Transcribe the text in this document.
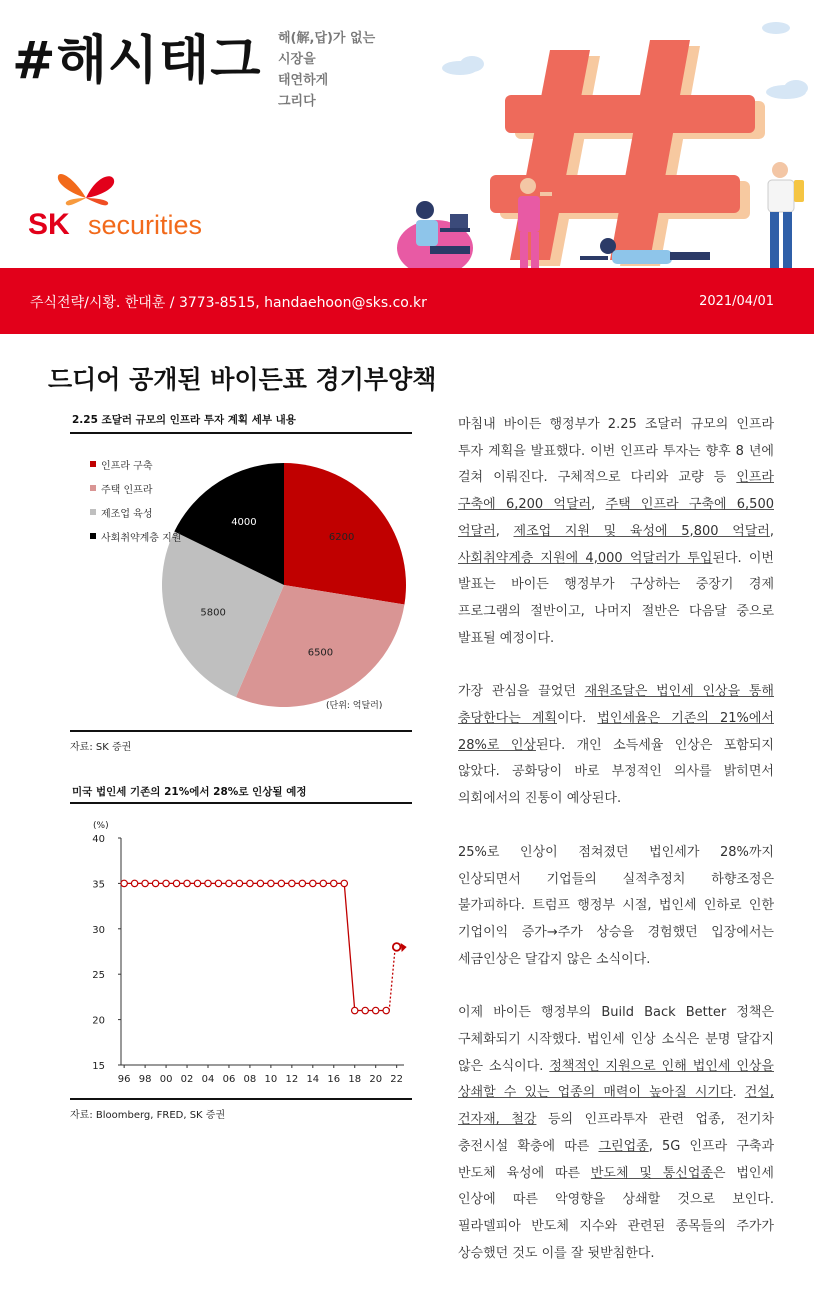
#해시태그 해(解,답)가 없는
시장을
태연하게
그리다
SK securities
주식전략/시황. 한대훈 / 3773-8515, handaehoon@sks.co.kr	2021/04/01
드디어 공개된 바이든표 경기부양책
2.25 조달러 규모의 인프라 투자 계획 세부 내용
인프라 구축
주택 인프라
제조업 육성
사회취약계층 지원	6200
6500
5800
4000
(단위: 억달러)
자료: SK 증권
미국 법인세 기존의 21%에서 28%로 인상될 예정
(%)
15
20
25
30
35
40
96 98 00 02 04 06 08 10 12 14 16 18 20 22
자료: Bloomberg, FRED, SK 증권

마침내 바이든 행정부가 2.25 조달러 규모의 인프라 투자 계획을 발표했다. 이번 인프라 투자는 향후 8 년에 걸쳐 이뤄진다. 구체적으로 다리와 교량 등 인프라 구축에 6,200 억달러, 주택 인프라 구축에 6,500 억달러, 제조업 지원 및 육성에 5,800 억달러, 사회취약계층 지원에 4,000 억달러가 투입된다. 이번 발표는 바이든 행정부가 구상하는 중장기 경제 프로그램의 절반이고, 나머지 절반은 다음달 중으로 발표될 예정이다.

가장 관심을 끌었던 재원조달은 법인세 인상을 통해 충당한다는 계획이다. 법인세율은 기존의 21%에서 28%로 인상된다. 개인 소득세율 인상은 포함되지 않았다. 공화당이 바로 부정적인 의사를 밝히면서 의회에서의 진통이 예상된다.

25%로 인상이 점쳐졌던 법인세가 28%까지 인상되면서 기업들의 실적추정치 하향조정은 불가피하다. 트럼프 행정부 시절, 법인세 인하로 인한 기업이익 증가→주가 상승을 경험했던 입장에서는 세금인상은 달갑지 않은 소식이다.

이제 바이든 행정부의 Build Back Better 정책은 구체화되기 시작했다. 법인세 인상 소식은 분명 달갑지 않은 소식이다. 정책적인 지원으로 인해 법인세 인상을 상쇄할 수 있는 업종의 매력이 높아질 시기다. 건설, 건자재, 철강 등의 인프라투자 관련 업종, 전기차 충전시설 확충에 따른 그린업종, 5G 인프라 구축과 반도체 육성에 따른 반도체 및 통신업종은 법인세 인상에 따른 악영향을 상쇄할 것으로 보인다. 필라델피아 반도체 지수와 관련된 종목들의 주가가 상승했던 것도 이를 잘 뒷받침한다.
